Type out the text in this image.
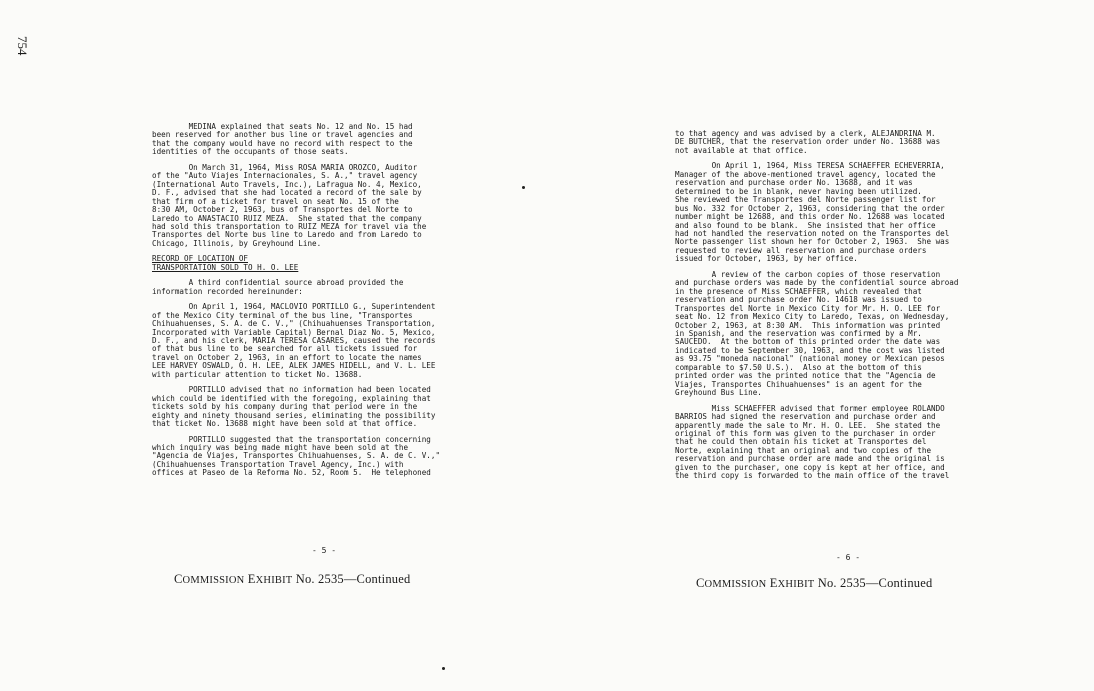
754

MEDINA explained that seats No. 12 and No. 15 had
been reserved for another bus line or travel agencies and
that the company would have no record with respect to the
identities of the occupants of those seats.

On March 31, 1964, Miss ROSA MARIA OROZCO, Auditor
of the "Auto Viajes Internacionales, S. A.," travel agency
(International Auto Travels, Inc.), Lafragua No. 4, Mexico,
D. F., advised that she had located a record of the sale by
that firm of a ticket for travel on seat No. 15 of the
8:30 AM, October 2, 1963, bus of Transportes del Norte to
Laredo to ANASTACIO RUIZ MEZA.  She stated that the company
had sold this transportation to RUIZ MEZA for travel via the
Transportes del Norte bus line to Laredo and from Laredo to
Chicago, Illinois, by Greyhound Line.

RECORD OF LOCATION OF
TRANSPORTATION SOLD TO H. O. LEE

A third confidential source abroad provided the
information recorded hereinunder:

On April 1, 1964, MACLOVIO PORTILLO G., Superintendent
of the Mexico City terminal of the bus line, "Transportes
Chihuahuenses, S. A. de C. V.," (Chihuahuenses Transportation,
Incorporated with Variable Capital) Bernal Diaz No. 5, Mexico,
D. F., and his clerk, MARIA TERESA CASARES, caused the records
of that bus line to be searched for all tickets issued for
travel on October 2, 1963, in an effort to locate the names
LEE HARVEY OSWALD, O. H. LEE, ALEK JAMES HIDELL, and V. L. LEE
with particular attention to ticket No. 13688.

PORTILLO advised that no information had been located
which could be identified with the foregoing, explaining that
tickets sold by his company during that period were in the
eighty and ninety thousand series, eliminating the possibility
that ticket No. 13688 might have been sold at that office.

PORTILLO suggested that the transportation concerning
which inquiry was being made might have been sold at the
"Agencia de Viajes, Transportes Chihuahuenses, S. A. de C. V.,"
(Chihuahuenses Transportation Travel Agency, Inc.) with
offices at Paseo de la Reforma No. 52, Room 5.  He telephoned

- 5 -
COMMISSION EXHIBIT No. 2535—Continued

to that agency and was advised by a clerk, ALEJANDRINA M.
DE BUTCHER, that the reservation order under No. 13688 was
not available at that office.

On April 1, 1964, Miss TERESA SCHAEFFER ECHEVERRIA,
Manager of the above-mentioned travel agency, located the
reservation and purchase order No. 13688, and it was
determined to be in blank, never having been utilized.
She reviewed the Transportes del Norte passenger list for
bus No. 332 for October 2, 1963, considering that the order
number might be 12688, and this order No. 12688 was located
and also found to be blank.  She insisted that her office
had not handled the reservation noted on the Transportes del
Norte passenger list shown her for October 2, 1963.  She was
requested to review all reservation and purchase orders
issued for October, 1963, by her office.

A review of the carbon copies of those reservation
and purchase orders was made by the confidential source abroad
in the presence of Miss SCHAEFFER, which revealed that
reservation and purchase order No. 14618 was issued to
Transportes del Norte in Mexico City for Mr. H. O. LEE for
seat No. 12 from Mexico City to Laredo, Texas, on Wednesday,
October 2, 1963, at 8:30 AM.  This information was printed
in Spanish, and the reservation was confirmed by a Mr.
SAUCEDO.  At the bottom of this printed order the date was
indicated to be September 30, 1963, and the cost was listed
as 93.75 "moneda nacional" (national money or Mexican pesos
comparable to $7.50 U.S.).  Also at the bottom of this
printed order was the printed notice that the "Agencia de
Viajes, Transportes Chihuahuenses" is an agent for the
Greyhound Bus Line.

Miss SCHAEFFER advised that former employee ROLANDO
BARRIOS had signed the reservation and purchase order and
apparently made the sale to Mr. H. O. LEE.  She stated the
original of this form was given to the purchaser in order
that he could then obtain his ticket at Transportes del
Norte, explaining that an original and two copies of the
reservation and purchase order are made and the original is
given to the purchaser, one copy is kept at her office, and
the third copy is forwarded to the main office of the travel

- 6 -
COMMISSION EXHIBIT No. 2535—Continued
